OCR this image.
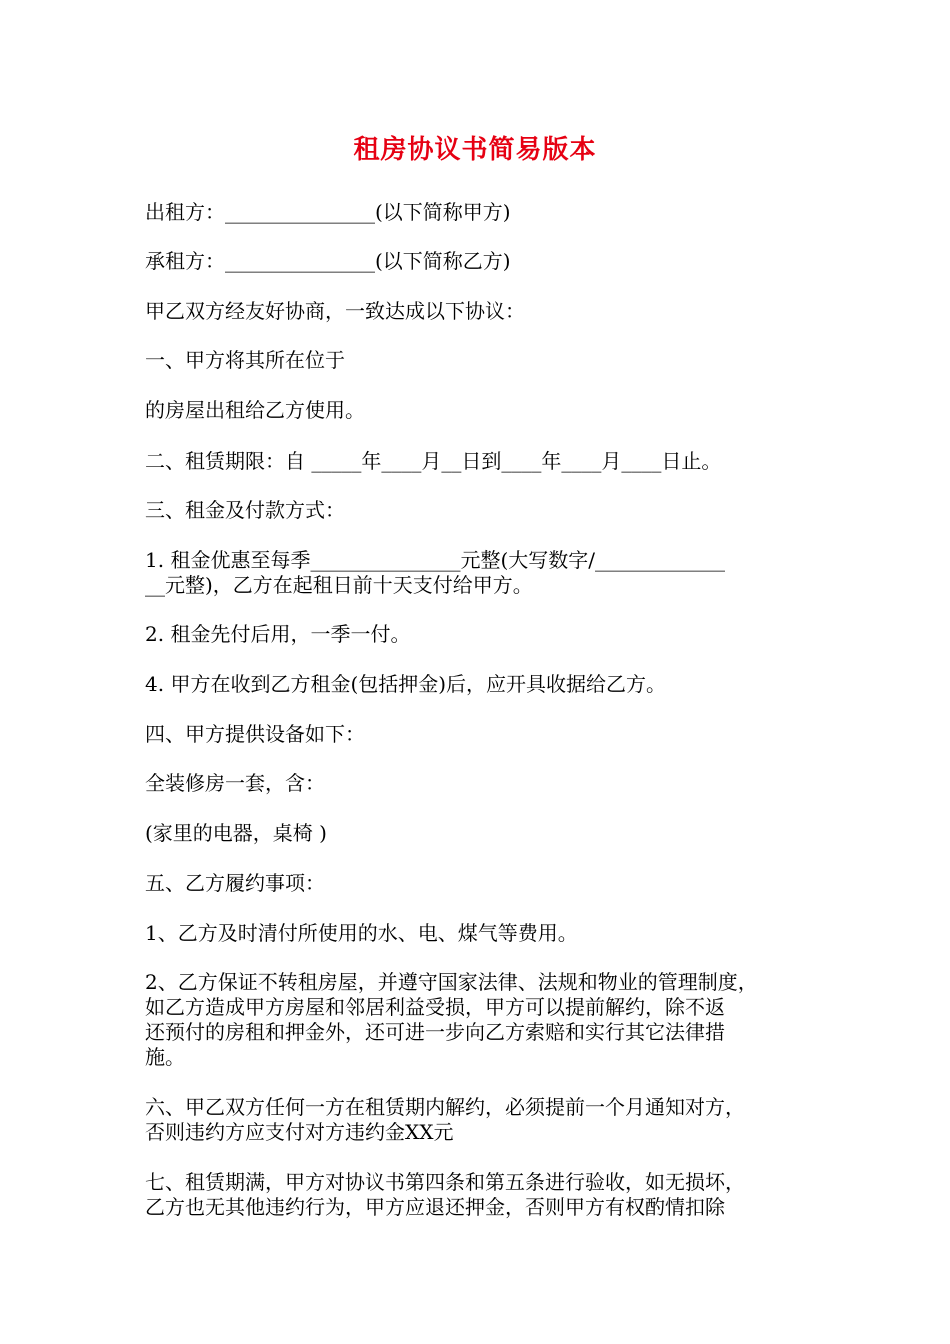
租房协议书简易版本
出租方：_______________(以下简称甲方)
承租方：_______________(以下简称乙方)
甲乙双方经友好协商，一致达成以下协议：
一、甲方将其所在位于
的房屋出租给乙方使用。
二、租赁期限：自 _____年____月__日到____年____月____日止。
三、租金及付款方式：
1. 租金优惠至每季_______________元整(大写数字/_____________
__元整)，乙方在起租日前十天支付给甲方。
2. 租金先付后用，一季一付。
4. 甲方在收到乙方租金(包括押金)后，应开具收据给乙方。
四、甲方提供设备如下：
全装修房一套，含：
(家里的电器，桌椅 )
五、乙方履约事项：
1、乙方及时清付所使用的水、电、煤气等费用。
2、乙方保证不转租房屋，并遵守国家法律、法规和物业的管理制度，
如乙方造成甲方房屋和邻居利益受损，甲方可以提前解约，除不返
还预付的房租和押金外，还可进一步向乙方索赔和实行其它法律措
施。
六、甲乙双方任何一方在租赁期内解约，必须提前一个月通知对方，
否则违约方应支付对方违约金XX元
七、租赁期满，甲方对协议书第四条和第五条进行验收，如无损坏，
乙方也无其他违约行为，甲方应退还押金，否则甲方有权酌情扣除
